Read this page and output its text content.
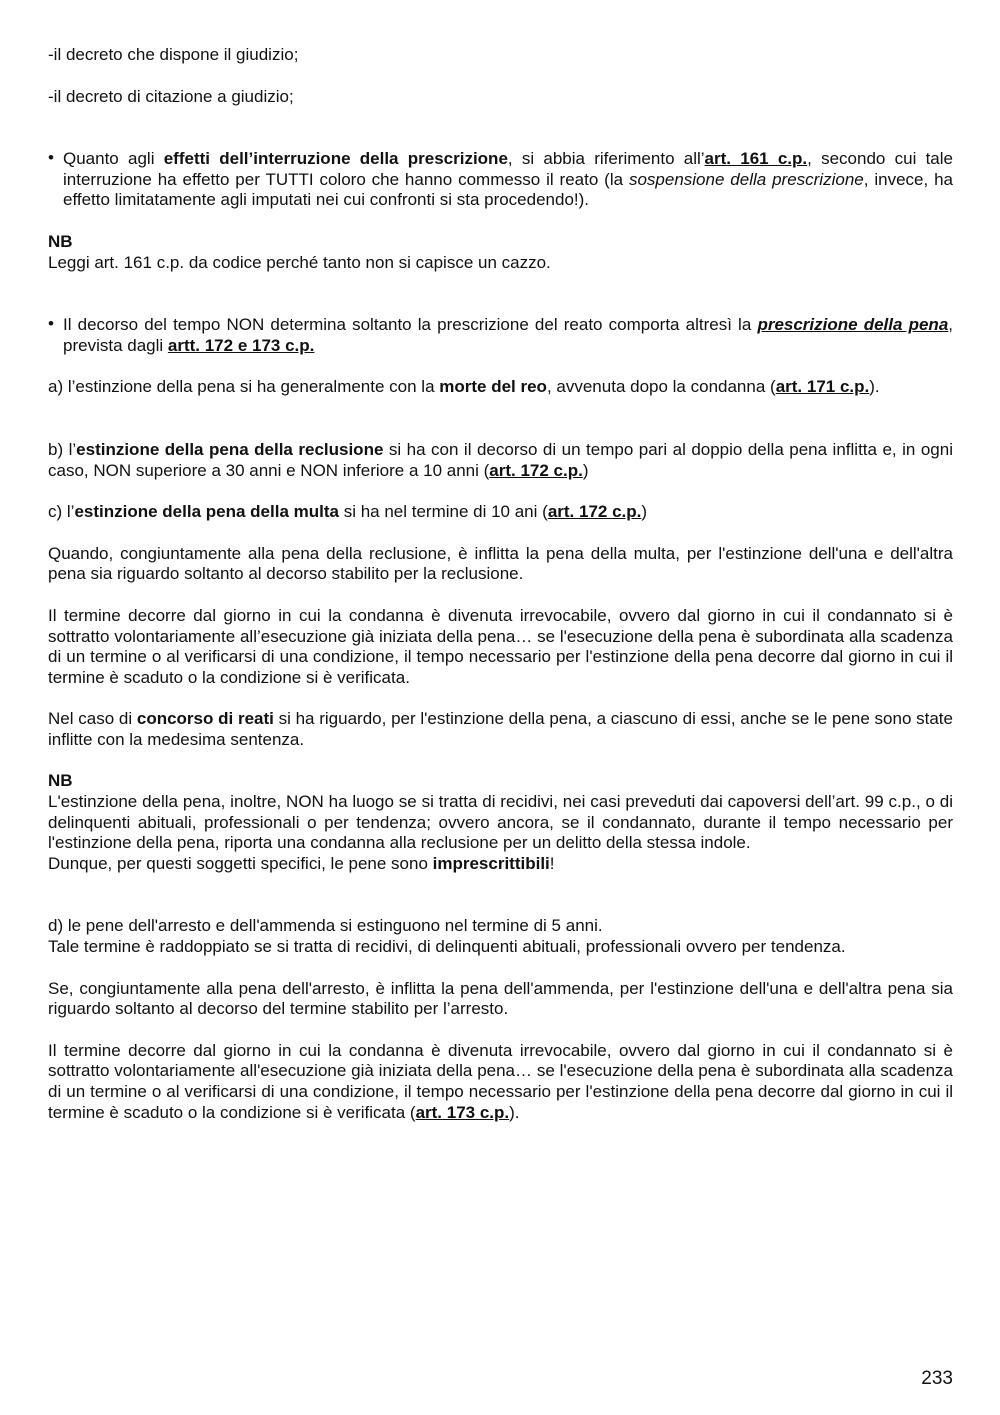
-il decreto che dispone il giudizio;

-il decreto di citazione a giudizio;

• Quanto agli effetti dell’interruzione della prescrizione, si abbia riferimento all’art. 161 c.p., secondo cui tale interruzione ha effetto per TUTTI coloro che hanno commesso il reato (la sospensione della prescrizione, invece, ha effetto limitatamente agli imputati nei cui confronti si sta procedendo!).

NB

Leggi art. 161 c.p. da codice perché tanto non si capisce un cazzo.

• Il decorso del tempo NON determina soltanto la prescrizione del reato comporta altresì la prescrizione della pena, prevista dagli artt. 172 e 173 c.p.

a) l’estinzione della pena si ha generalmente con la morte del reo, avvenuta dopo la condanna (art. 171 c.p.).

b) l’estinzione della pena della reclusione si ha con il decorso di un tempo pari al doppio della pena inflitta e, in ogni caso, NON superiore a 30 anni e NON inferiore a 10 anni (art. 172 c.p.)

c) l’estinzione della pena della multa si ha nel termine di 10 ani (art. 172 c.p.)

Quando, congiuntamente alla pena della reclusione, è inflitta la pena della multa, per l'estinzione dell'una e dell'altra pena sia riguardo soltanto al decorso stabilito per la reclusione.

Il termine decorre dal giorno in cui la condanna è divenuta irrevocabile, ovvero dal giorno in cui il condannato si è sottratto volontariamente all’esecuzione già iniziata della pena… se l'esecuzione della pena è subordinata alla scadenza di un termine o al verificarsi di una condizione, il tempo necessario per l'estinzione della pena decorre dal giorno in cui il termine è scaduto o la condizione si è verificata.

Nel caso di concorso di reati si ha riguardo, per l'estinzione della pena, a ciascuno di essi, anche se le pene sono state inflitte con la medesima sentenza.

NB

L'estinzione della pena, inoltre, NON ha luogo se si tratta di recidivi, nei casi preveduti dai capoversi dell’art. 99 c.p., o di delinquenti abituali, professionali o per tendenza; ovvero ancora, se il condannato, durante il tempo necessario per l'estinzione della pena, riporta una condanna alla reclusione per un delitto della stessa indole.

Dunque, per questi soggetti specifici, le pene sono imprescrittibili!

d) le pene dell'arresto e dell'ammenda si estinguono nel termine di 5 anni.

Tale termine è raddoppiato se si tratta di recidivi, di delinquenti abituali, professionali ovvero per tendenza.

Se, congiuntamente alla pena dell'arresto, è inflitta la pena dell'ammenda, per l'estinzione dell'una e dell'altra pena sia riguardo soltanto al decorso del termine stabilito per l’arresto.

Il termine decorre dal giorno in cui la condanna è divenuta irrevocabile, ovvero dal giorno in cui il condannato si è sottratto volontariamente all'esecuzione già iniziata della pena… se l'esecuzione della pena è subordinata alla scadenza di un termine o al verificarsi di una condizione, il tempo necessario per l'estinzione della pena decorre dal giorno in cui il termine è scaduto o la condizione si è verificata (art. 173 c.p.).

233
